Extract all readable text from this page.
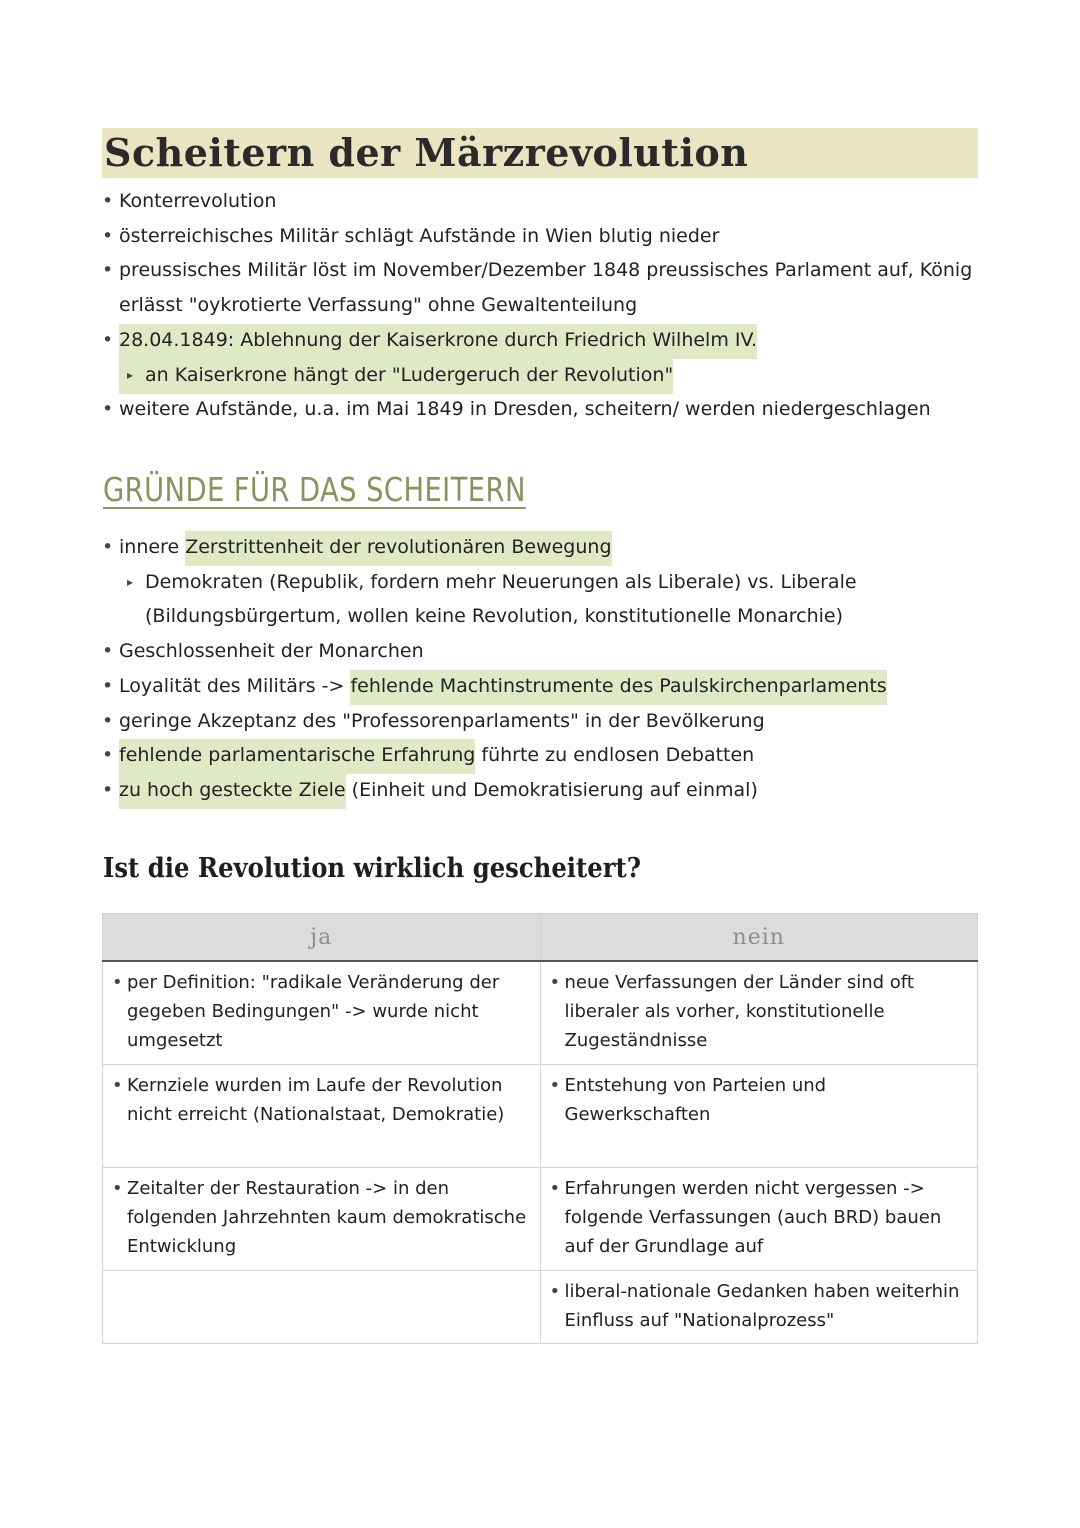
Scheitern der Märzrevolution
• Konterrevolution
• österreichisches Militär schlägt Aufstände in Wien blutig nieder
• preussisches Militär löst im November/Dezember 1848 preussisches Parlament auf, König
erlässt "oykrotierte Verfassung" ohne Gewaltenteilung
• 28.04.1849: Ablehnung der Kaiserkrone durch Friedrich Wilhelm IV.
▸ an Kaiserkrone hängt der "Ludergeruch der Revolution"
• weitere Aufstände, u.a. im Mai 1849 in Dresden, scheitern/ werden niedergeschlagen
GRÜNDE FÜR DAS SCHEITERN
• innere Zerstrittenheit der revolutionären Bewegung
▸ Demokraten (Republik, fordern mehr Neuerungen als Liberale) vs. Liberale
(Bildungsbürgertum, wollen keine Revolution, konstitutionelle Monarchie)
• Geschlossenheit der Monarchen
• Loyalität des Militärs -> fehlende Machtinstrumente des Paulskirchenparlaments
• geringe Akzeptanz des "Professorenparlaments" in der Bevölkerung
• fehlende parlamentarische Erfahrung führte zu endlosen Debatten
• zu hoch gesteckte Ziele (Einheit und Demokratisierung auf einmal)
Ist die Revolution wirklich gescheitert?
ja	nein

• per Definition: "radikale Veränderung der gegeben Bedingungen" -> wurde nicht umgesetzt	• neue Verfassungen der Länder sind oft liberaler als vorher, konstitutionelle Zugeständnisse

• Kernziele wurden im Laufe der Revolution nicht erreicht (Nationalstaat, Demokratie)	• Entstehung von Parteien und Gewerkschaften

• Zeitalter der Restauration -> in den folgenden Jahrzehnten kaum demokratische Entwicklung	• Erfahrungen werden nicht vergessen -> folgende Verfassungen (auch BRD) bauen auf der Grundlage auf

	• liberal-nationale Gedanken haben weiterhin Einfluss auf "Nationalprozess"
